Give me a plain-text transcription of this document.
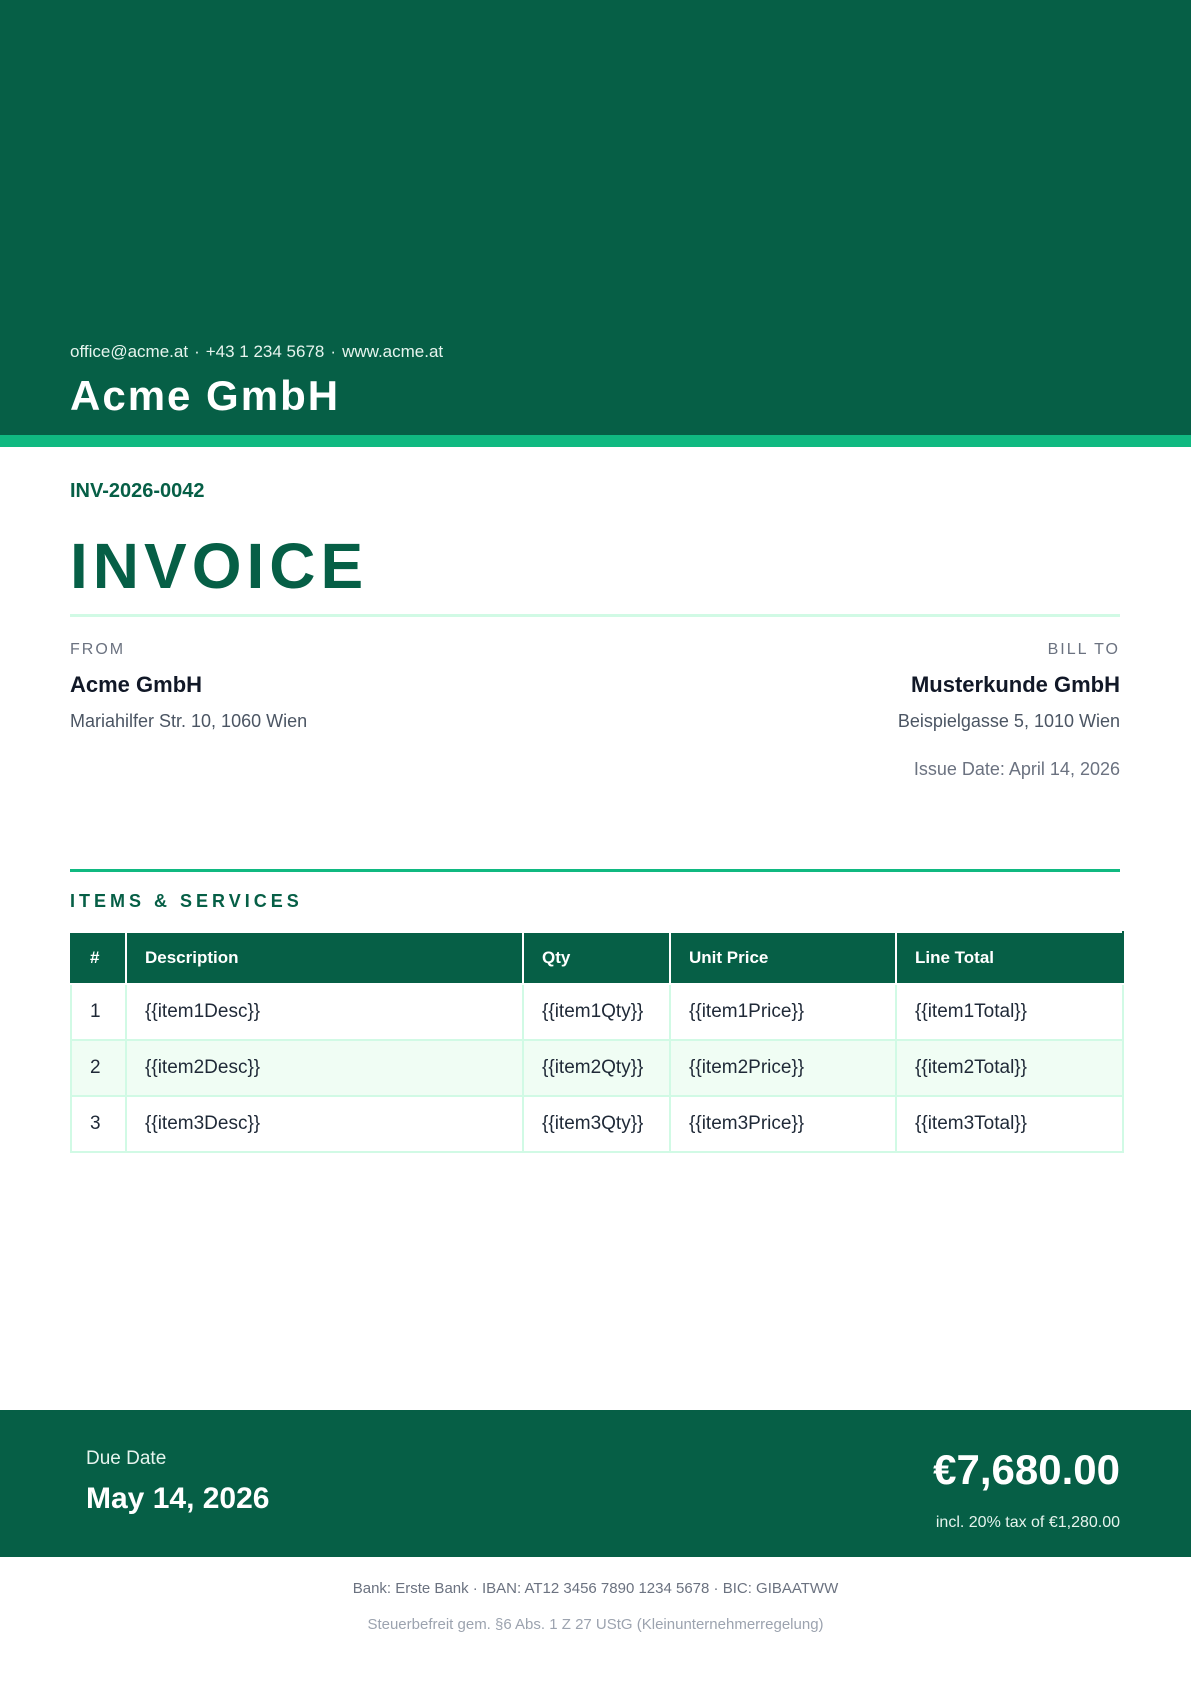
office@acme.at · +43 1 234 5678 · www.acme.at
Acme GmbH
INV-2026-0042
INVOICE
FROM
Acme GmbH
Mariahilfer Str. 10, 1060 Wien
BILL TO
Musterkunde GmbH
Beispielgasse 5, 1010 Wien
Issue Date: April 14, 2026
ITEMS & SERVICES
#	Description	Qty	Unit Price	Line Total
1	{{item1Desc}}	{{item1Qty}}	{{item1Price}}	{{item1Total}}
2	{{item2Desc}}	{{item2Qty}}	{{item2Price}}	{{item2Total}}
3	{{item3Desc}}	{{item3Qty}}	{{item3Price}}	{{item3Total}}
Due Date
May 14, 2026
€7,680.00
incl. 20% tax of €1,280.00
Bank: Erste Bank · IBAN: AT12 3456 7890 1234 5678 · BIC: GIBAATWW
Steuerbefreit gem. §6 Abs. 1 Z 27 UStG (Kleinunternehmerregelung)
